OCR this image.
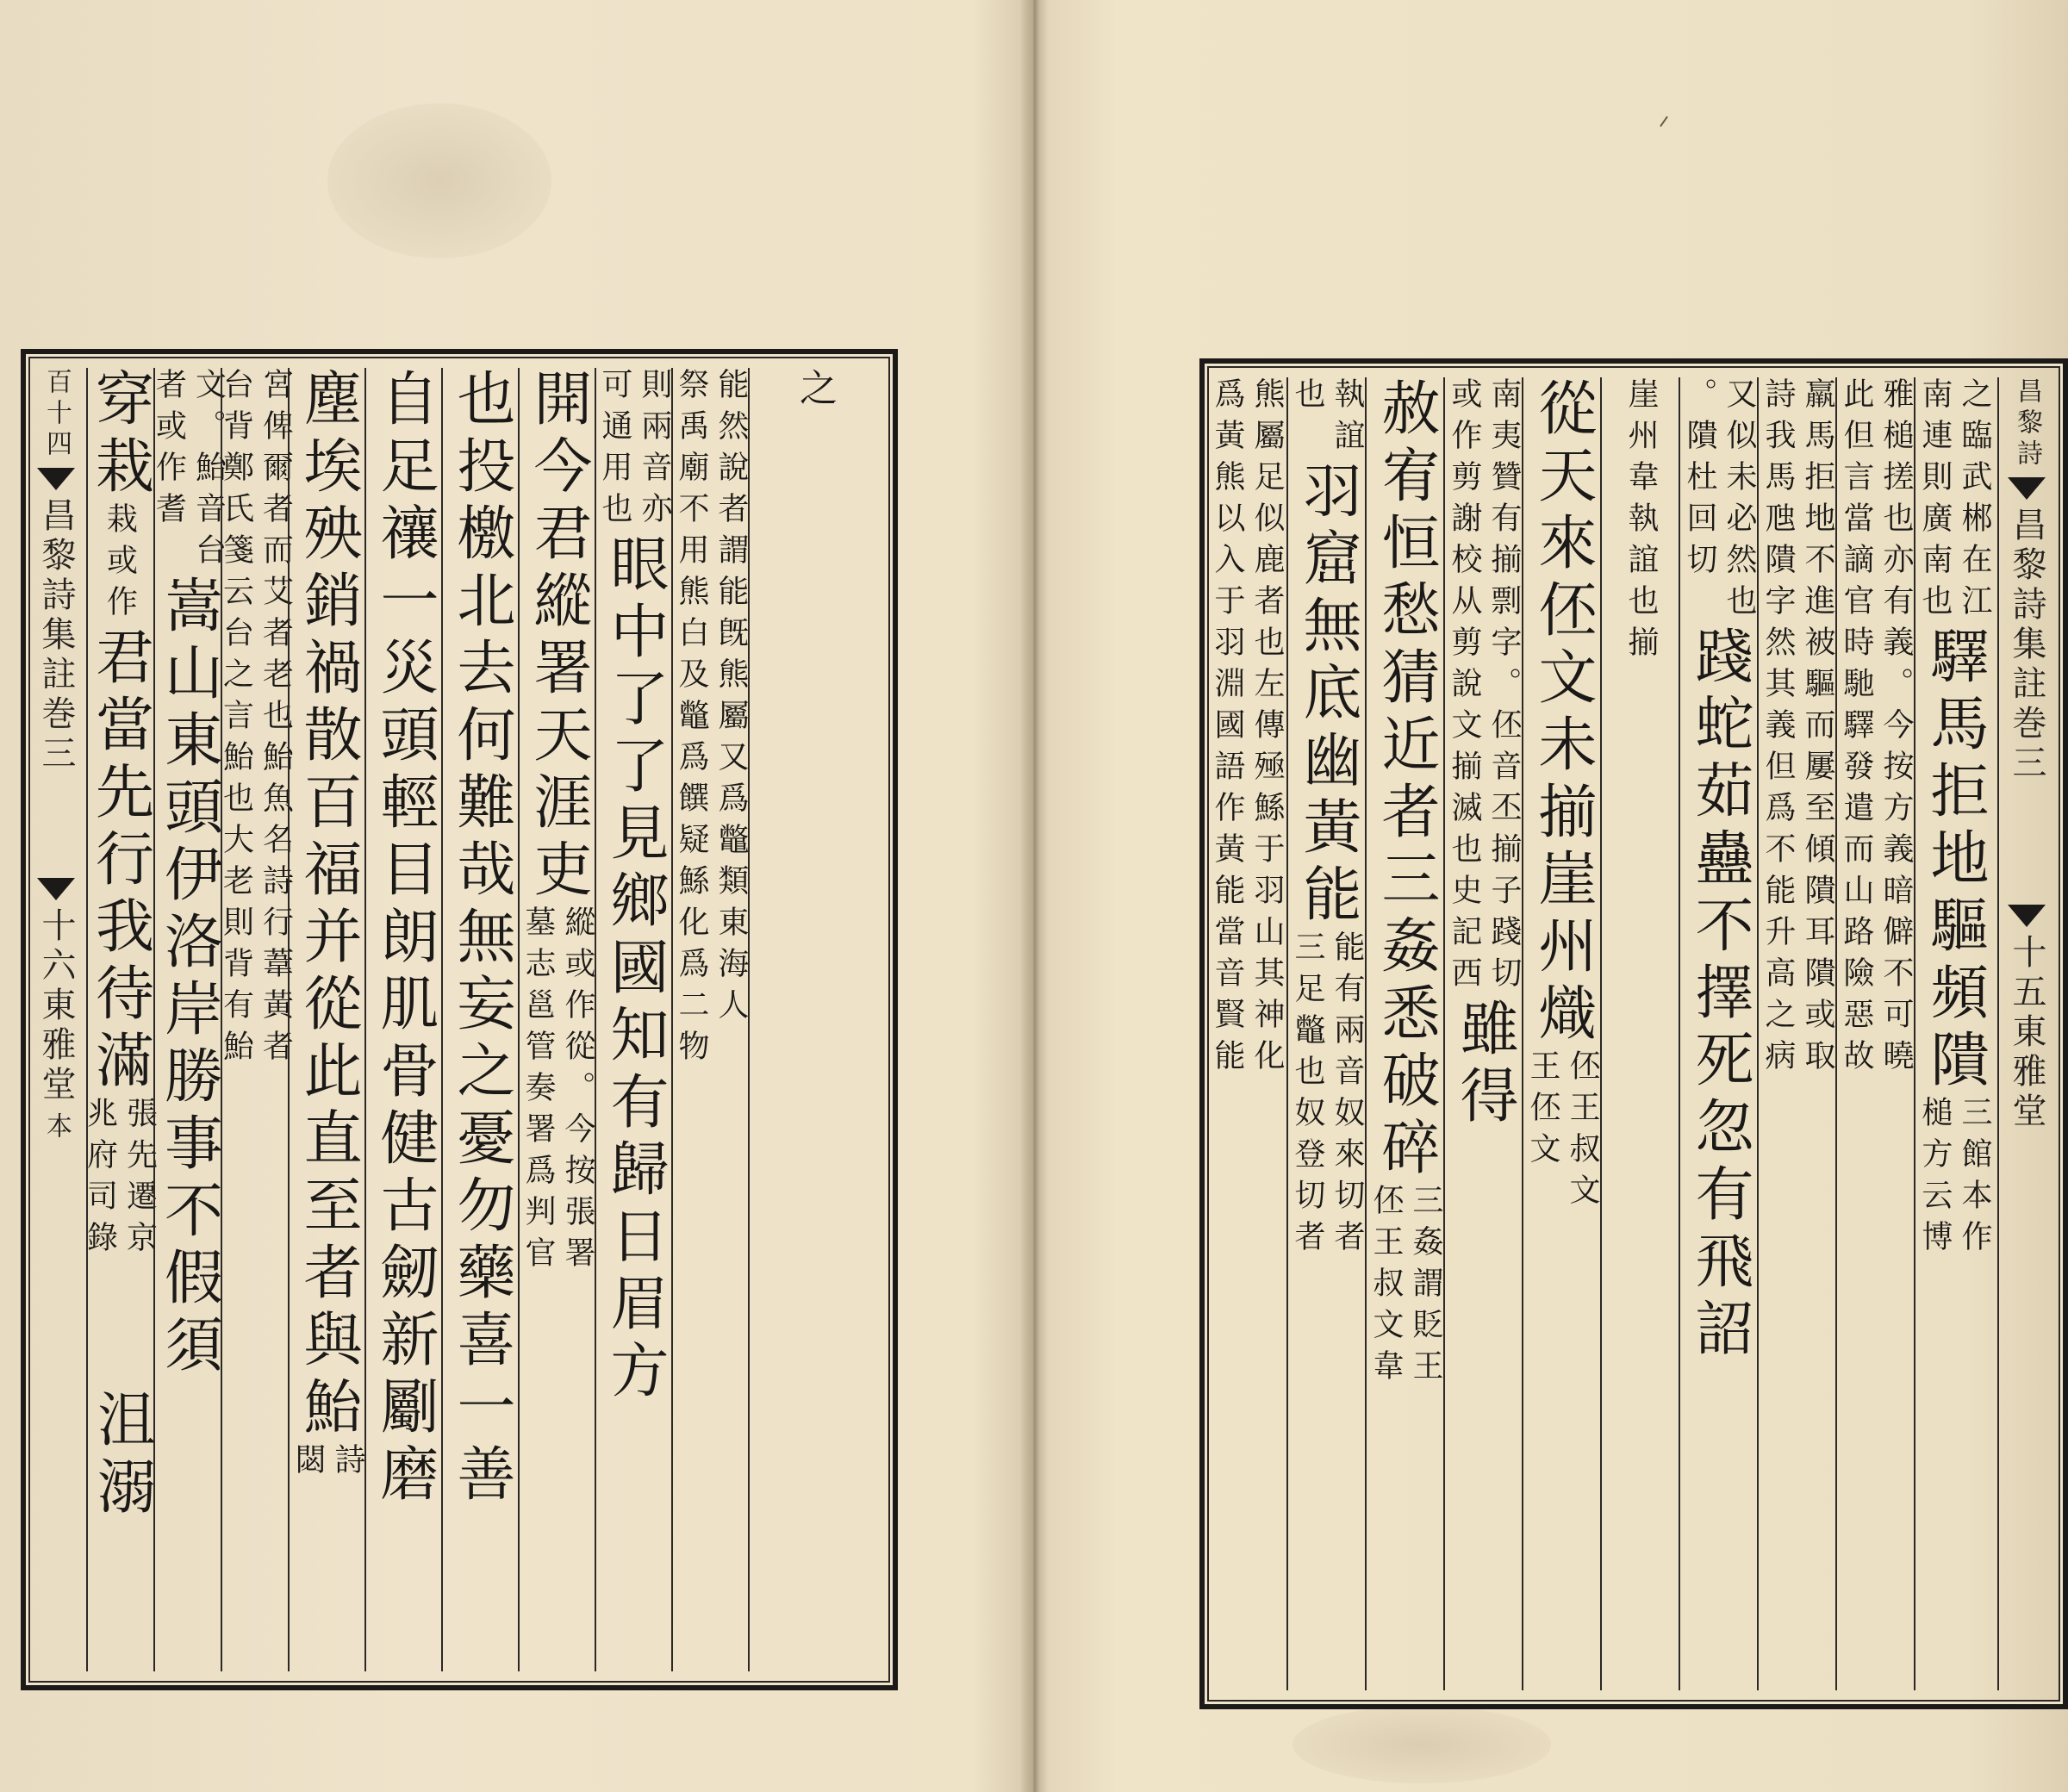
百十四
昌黎詩集註巻三
十六
東雅堂
本
沮溺
穿栽
栽或作
君當先行我待滿
張先遷京
兆府司錄
文。鮐音台
者或作耆
嵩山東頭伊洛岸勝事不假須 宮俾爾者而艾者老也鮐魚名詩行葦黃者
台背鄭氏箋云台之言鮐也大老則背有鮐 塵埃殃銷禍散百福并從此直至者與鮐
詩
閟 自足禳一災頭輕目朗肌骨健古劒新劚磨 也投檄北去何難哉無妄之憂勿藥喜一善 開今君縱署天涯吏
縱或作從。今按張署
墓志邕管奏署爲判官
則兩音亦
可通用也
眼中了了見鄉國知有歸日眉方 能然說者謂能旣熊屬又爲鼈類東海人
祭禹廟不用熊白及鼈爲饌疑鯀化爲二物 之	熊屬足似鹿者也左傳殛鯀于羽山其神化
爲黃熊以入于羽淵國語作黃能當音賢能	執誼
也
羽窟無底幽黃能
能有兩音奴來切者
三足鼈也奴登切者 赦宥恒愁猜近者三姦悉破碎
三姦謂貶王
伾王叔文韋
南夷贊有揃剽字。伾音丕揃子踐切
或作剪謝校从剪說文揃滅也史記西
雖得
從天來伾文未揃崖州熾
伾王叔文
王伾文
崖州韋執誼也揃 又似未必然也
。隤杜回切
踐蛇茹蠱不擇死忽有飛詔 羸馬拒地不進被驅而屢至傾隤耳隤或取
詩我馬虺隤字然其義但爲不能升高之病	雅槌搓也亦有義。今按方義暗僻不可曉
此但言當謫官時馳驛發遣而山路險惡故	之臨武郴在江
南連則廣南也
驛馬拒地驅頻
隤
三館本作
槌方云博
昌黎詩
昌黎詩集註巻三
十五
東雅堂
